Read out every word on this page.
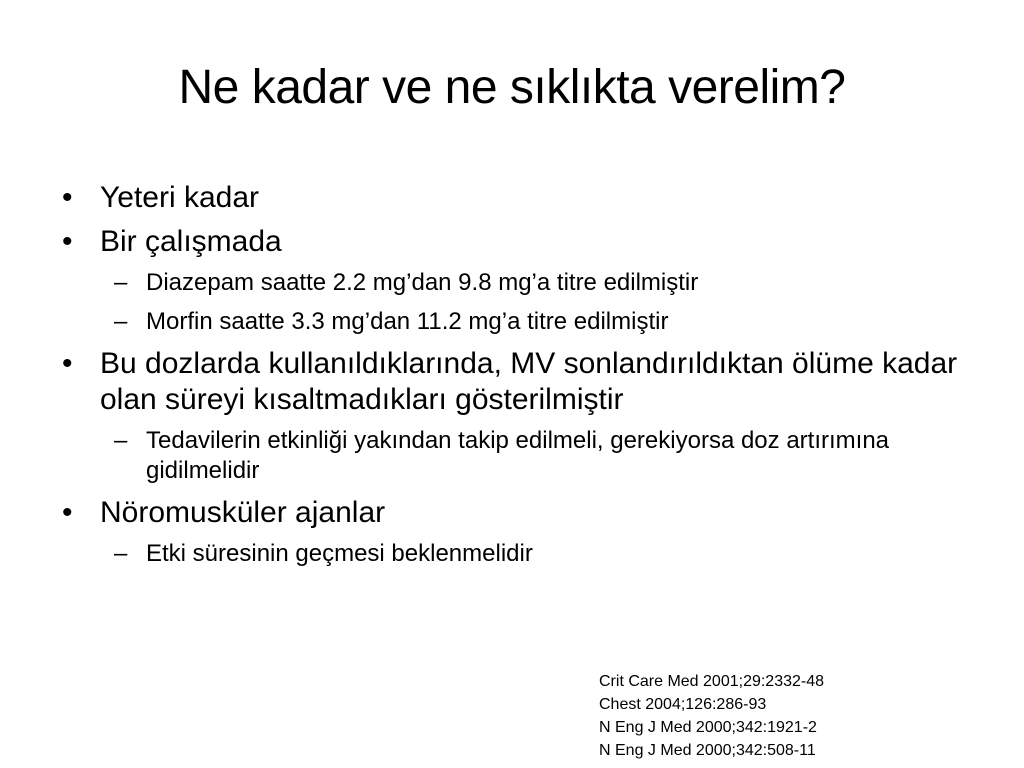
Ne kadar ve ne sıklıkta verelim?
• Yeteri kadar
• Bir çalışmada
– Diazepam saatte 2.2 mg’dan 9.8 mg’a titre edilmiştir
– Morfin saatte 3.3 mg’dan 11.2 mg’a titre edilmiştir
• Bu dozlarda kullanıldıklarında, MV sonlandırıldıktan ölüme kadar olan süreyi kısaltmadıkları gösterilmiştir
– Tedavilerin etkinliği yakından takip edilmeli, gerekiyorsa doz artırımına gidilmelidir
• Nöromusküler ajanlar
– Etki süresinin geçmesi beklenmelidir
Crit Care Med 2001;29:2332-48
Chest 2004;126:286-93
N Eng J Med 2000;342:1921-2
N Eng J Med 2000;342:508-11
